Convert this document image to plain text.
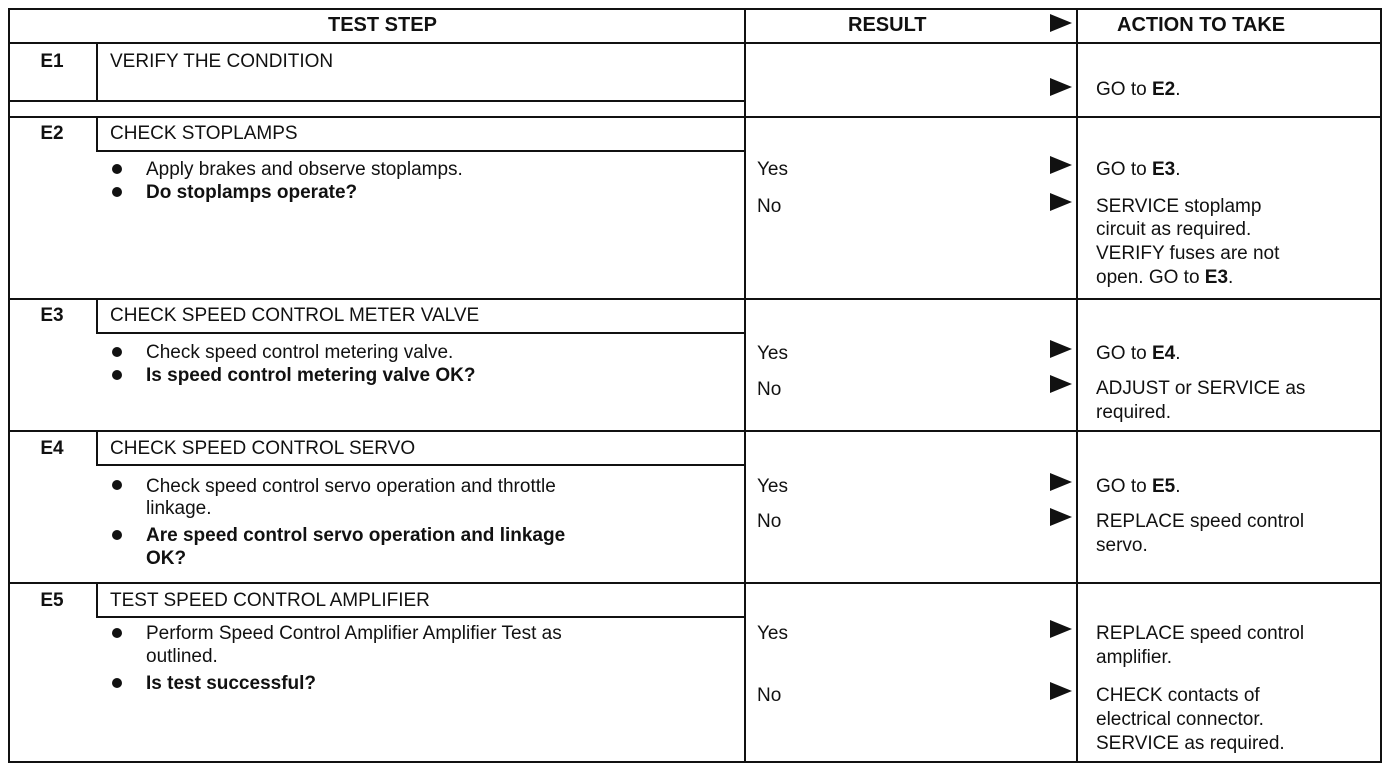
TEST STEP	RESULT	ACTION TO TAKE
E1	VERIFY THE CONDITION
GO to E2.
E2	CHECK STOPLAMPS
Apply brakes and observe stoplamps.
Do stoplamps operate?
Yes	GO to E3.
No	SERVICE stoplamp
circuit as required.
VERIFY fuses are not
open. GO to E3.
E3	CHECK SPEED CONTROL METER VALVE
Check speed control metering valve.
Is speed control metering valve OK?
Yes	GO to E4.
No	ADJUST or SERVICE as
required.
E4	CHECK SPEED CONTROL SERVO
Check speed control servo operation and throttle
linkage.
Are speed control servo operation and linkage
OK?
Yes	GO to E5.
No	REPLACE speed control
servo.
E5	TEST SPEED CONTROL AMPLIFIER
Perform Speed Control Amplifier Amplifier Test as
outlined.
Is test successful?
Yes	REPLACE speed control
amplifier.
No	CHECK contacts of
electrical connector.
SERVICE as required.
